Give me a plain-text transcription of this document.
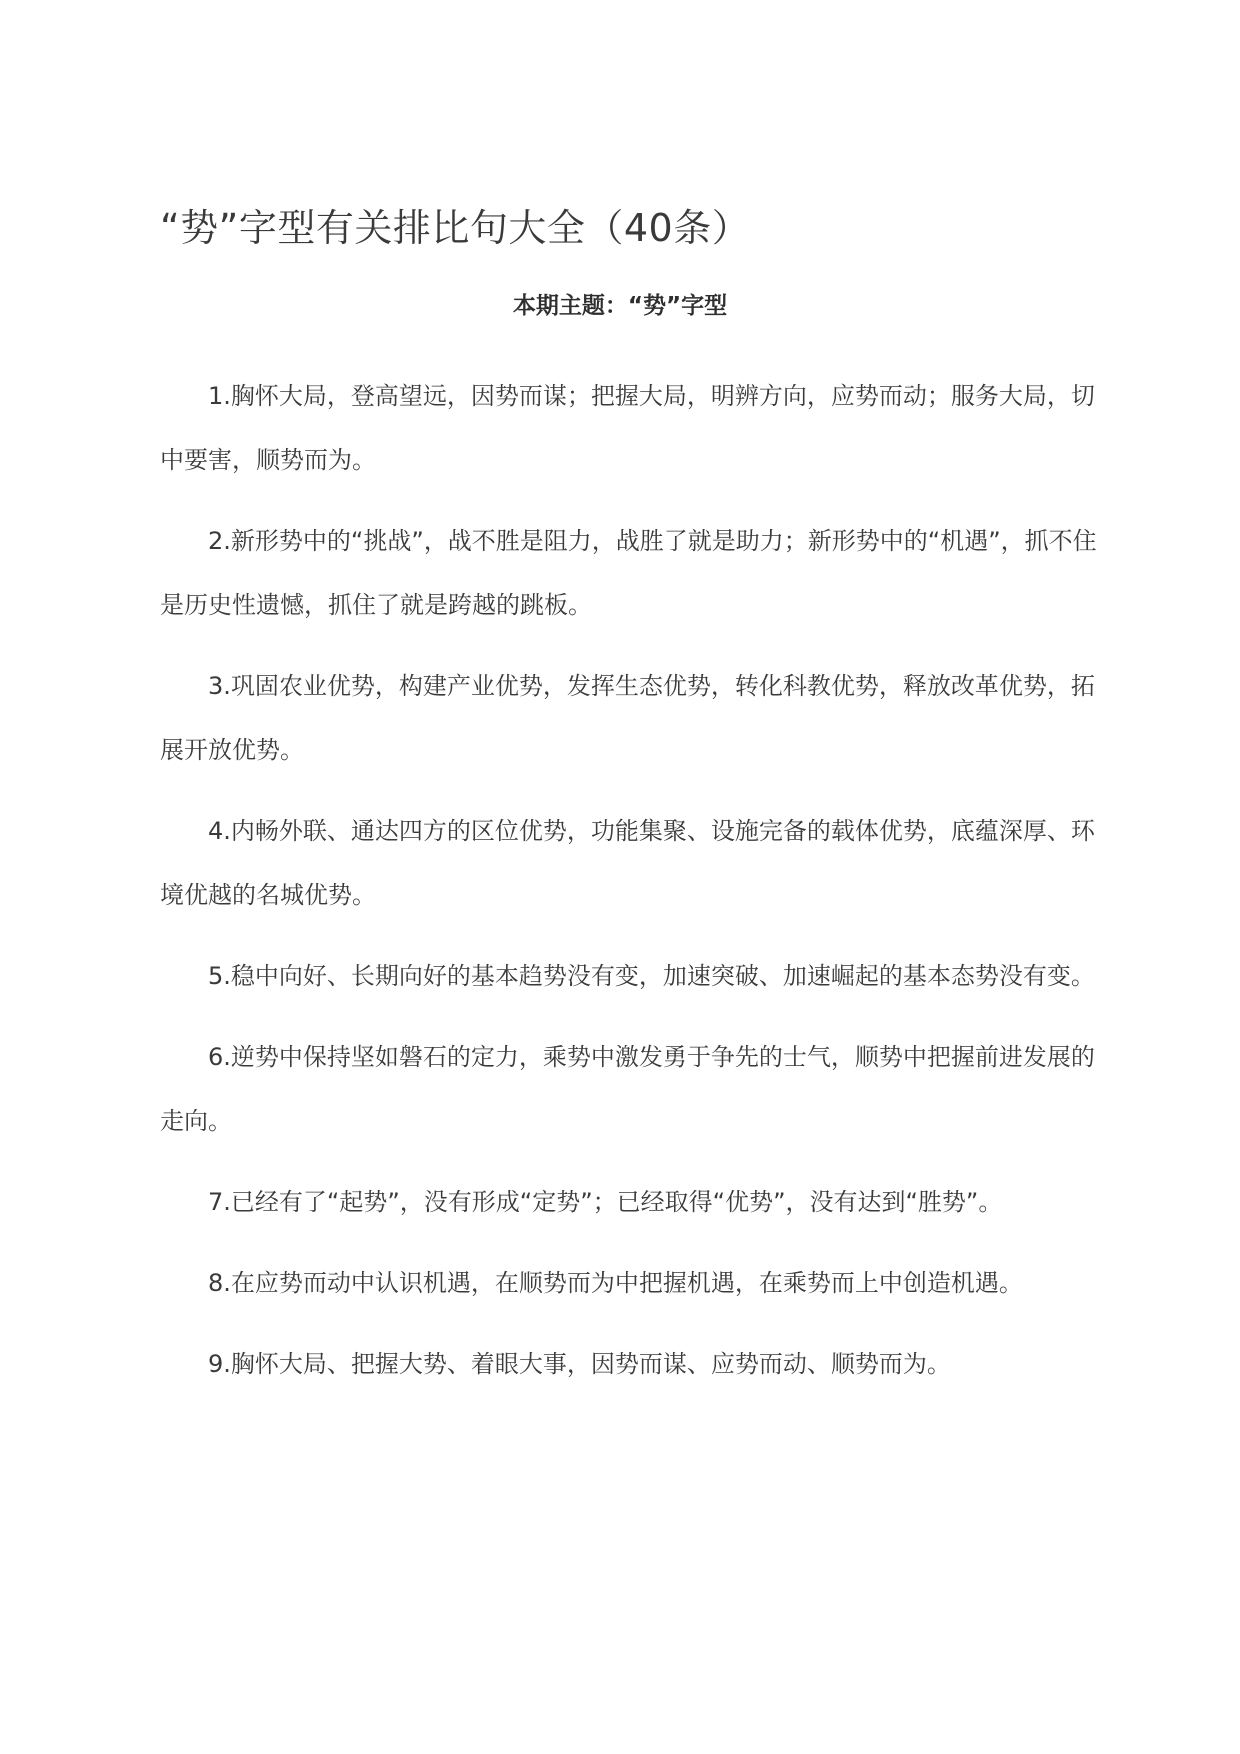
“势”字型有关排比句大全（40条）
本期主题：“势”字型

1.胸怀大局，登高望远，因势而谋；把握大局，明辨方向，应势而动；服务大局，切中要害，顺势而为。

2.新形势中的“挑战”，战不胜是阻力，战胜了就是助力；新形势中的“机遇”，抓不住是历史性遗憾，抓住了就是跨越的跳板。

3.巩固农业优势，构建产业优势，发挥生态优势，转化科教优势，释放改革优势，拓展开放优势。

4.内畅外联、通达四方的区位优势，功能集聚、设施完备的载体优势，底蕴深厚、环境优越的名城优势。

5.稳中向好、长期向好的基本趋势没有变，加速突破、加速崛起的基本态势没有变。

6.逆势中保持坚如磐石的定力，乘势中激发勇于争先的士气，顺势中把握前进发展的走向。

7.已经有了“起势”，没有形成“定势”；已经取得“优势”，没有达到“胜势”。

8.在应势而动中认识机遇，在顺势而为中把握机遇，在乘势而上中创造机遇。

9.胸怀大局、把握大势、着眼大事，因势而谋、应势而动、顺势而为。
